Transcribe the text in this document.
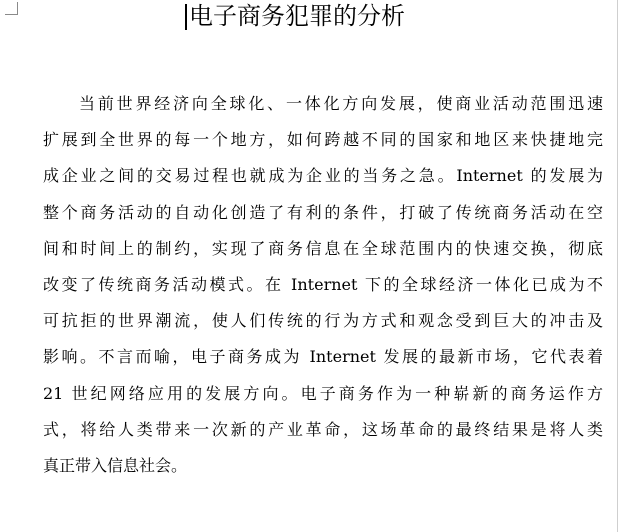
电子商务犯罪的分析
当前世界经济向全球化、一体化方向发展，使商业活动范围迅速
扩展到全世界的每一个地方，如何跨越不同的国家和地区来快捷地完
成企业之间的交易过程也就成为企业的当务之急。Internet 的发展为
整个商务活动的自动化创造了有利的条件，打破了传统商务活动在空
间和时间上的制约，实现了商务信息在全球范围内的快速交换，彻底
改变了传统商务活动模式。在 Internet 下的全球经济一体化已成为不
可抗拒的世界潮流，使人们传统的行为方式和观念受到巨大的冲击及
影响。不言而喻，电子商务成为 Internet 发展的最新市场，它代表着
21 世纪网络应用的发展方向。电子商务作为一种崭新的商务运作方
式，将给人类带来一次新的产业革命，这场革命的最终结果是将人类
真正带入信息社会。
